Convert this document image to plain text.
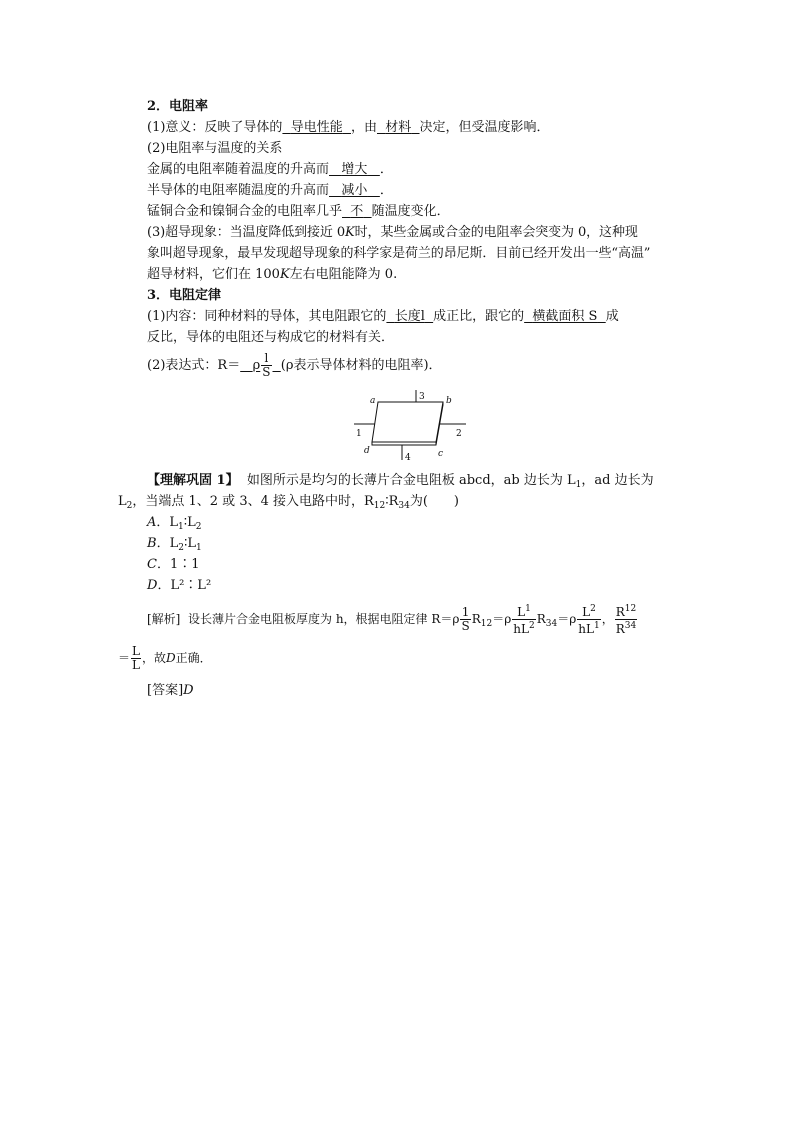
2．电阻率
(1)意义：反映了导体的 导电性能 ，由 材料 决定，但受温度影响．
(2)电阻率与温度的关系
金属的电阻率随着温度的升高而 增大 ．
半导体的电阻率随温度的升高而 减小 ．
锰铜合金和镍铜合金的电阻率几乎 不 随温度变化．
(3)超导现象：当温度降低到接近 0K时，某些金属或合金的电阻率会突变为 0，这种现
象叫超导现象，最早发现超导现象的科学家是荷兰的昂尼斯．目前已经开发出一些“高温”
超导材料，它们在 100K左右电阻能降为 0.
3．电阻定律
(1)内容：同种材料的导体，其电阻跟它的 长度l 成正比，跟它的 横截面积 S 成
反比，导体的电阻还与构成它的材料有关．
(2)表达式：R＝ ρ $\frac{l}{S} (\rho$表示导体材料的电阻率)．
a	b
c
d
1	2
3
4
【理解巩固 1】 如图所示是均匀的长薄片合金电阻板 abcd，ab 边长为 $L_1$，ad 边长为
$L_2$，当端点 1、2 或 3、4 接入电路中时，$R_{12}∶R_{34}$为(　　)
A．$L_1∶L_2$
B．$L_2∶L_1$
C．1∶1
D．L²∶L²
[解析] 设长薄片合金电阻板厚度为 h，根据电阻定律 $R=\rho \frac{1}{S} R_{12}=\rho \frac{L^1}{hL^2} R_{34}=\rho \frac{L^2}{hL^1}$ ， $\frac{R^{12}}{R^{34}}$
＝ $\frac{L}{L}$ ，故D正确．
[答案]D
